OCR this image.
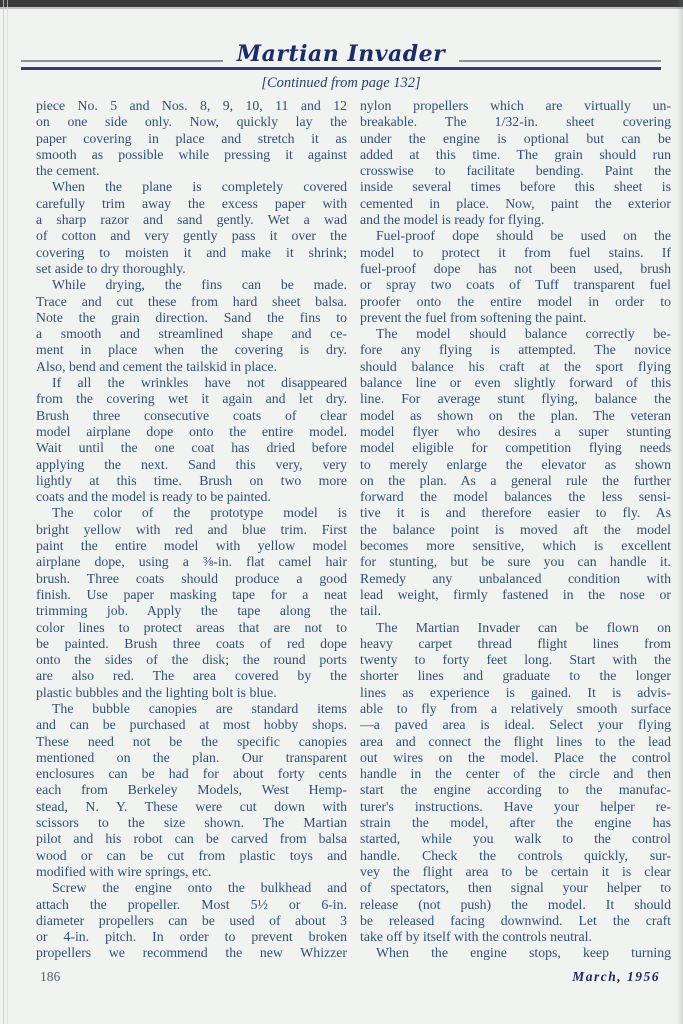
Martian Invader
[Continued from page 132]
piece No. 5 and Nos. 8, 9, 10, 11 and 12
on one side only. Now, quickly lay the
paper covering in place and stretch it as
smooth as possible while pressing it against
the cement.
When the plane is completely covered
carefully trim away the excess paper with
a sharp razor and sand gently. Wet a wad
of cotton and very gently pass it over the
covering to moisten it and make it shrink;
set aside to dry thoroughly.
While drying, the fins can be made.
Trace and cut these from hard sheet balsa.
Note the grain direction. Sand the fins to
a smooth and streamlined shape and ce-
ment in place when the covering is dry.
Also, bend and cement the tailskid in place.
If all the wrinkles have not disappeared
from the covering wet it again and let dry.
Brush three consecutive coats of clear
model airplane dope onto the entire model.
Wait until the one coat has dried before
applying the next. Sand this very, very
lightly at this time. Brush on two more
coats and the model is ready to be painted.
The color of the prototype model is
bright yellow with red and blue trim. First
paint the entire model with yellow model
airplane dope, using a ⅜-in. flat camel hair
brush. Three coats should produce a good
finish. Use paper masking tape for a neat
trimming job. Apply the tape along the
color lines to protect areas that are not to
be painted. Brush three coats of red dope
onto the sides of the disk; the round ports
are also red. The area covered by the
plastic bubbles and the lighting bolt is blue.
The bubble canopies are standard items
and can be purchased at most hobby shops.
These need not be the specific canopies
mentioned on the plan. Our transparent
enclosures can be had for about forty cents
each from Berkeley Models, West Hemp-
stead, N. Y. These were cut down with
scissors to the size shown. The Martian
pilot and his robot can be carved from balsa
wood or can be cut from plastic toys and
modified with wire springs, etc.
Screw the engine onto the bulkhead and
attach the propeller. Most 5½ or 6-in.
diameter propellers can be used of about 3
or 4-in. pitch. In order to prevent broken
propellers we recommend the new Whizzer
nylon propellers which are virtually un-
breakable. The 1/32-in. sheet covering
under the engine is optional but can be
added at this time. The grain should run
crosswise to facilitate bending. Paint the
inside several times before this sheet is
cemented in place. Now, paint the exterior
and the model is ready for flying.
Fuel-proof dope should be used on the
model to protect it from fuel stains. If
fuel-proof dope has not been used, brush
or spray two coats of Tuff transparent fuel
proofer onto the entire model in order to
prevent the fuel from softening the paint.
The model should balance correctly be-
fore any flying is attempted. The novice
should balance his craft at the sport flying
balance line or even slightly forward of this
line. For average stunt flying, balance the
model as shown on the plan. The veteran
model flyer who desires a super stunting
model eligible for competition flying needs
to merely enlarge the elevator as shown
on the plan. As a general rule the further
forward the model balances the less sensi-
tive it is and therefore easier to fly. As
the balance point is moved aft the model
becomes more sensitive, which is excellent
for stunting, but be sure you can handle it.
Remedy any unbalanced condition with
lead weight, firmly fastened in the nose or
tail.
The Martian Invader can be flown on
heavy carpet thread flight lines from
twenty to forty feet long. Start with the
shorter lines and graduate to the longer
lines as experience is gained. It is advis-
able to fly from a relatively smooth surface
—a paved area is ideal. Select your flying
area and connect the flight lines to the lead
out wires on the model. Place the control
handle in the center of the circle and then
start the engine according to the manufac-
turer's instructions. Have your helper re-
strain the model, after the engine has
started, while you walk to the control
handle. Check the controls quickly, sur-
vey the flight area to be certain it is clear
of spectators, then signal your helper to
release (not push) the model. It should
be released facing downwind. Let the craft
take off by itself with the controls neutral.
When the engine stops, keep turning
186	March, 1956
